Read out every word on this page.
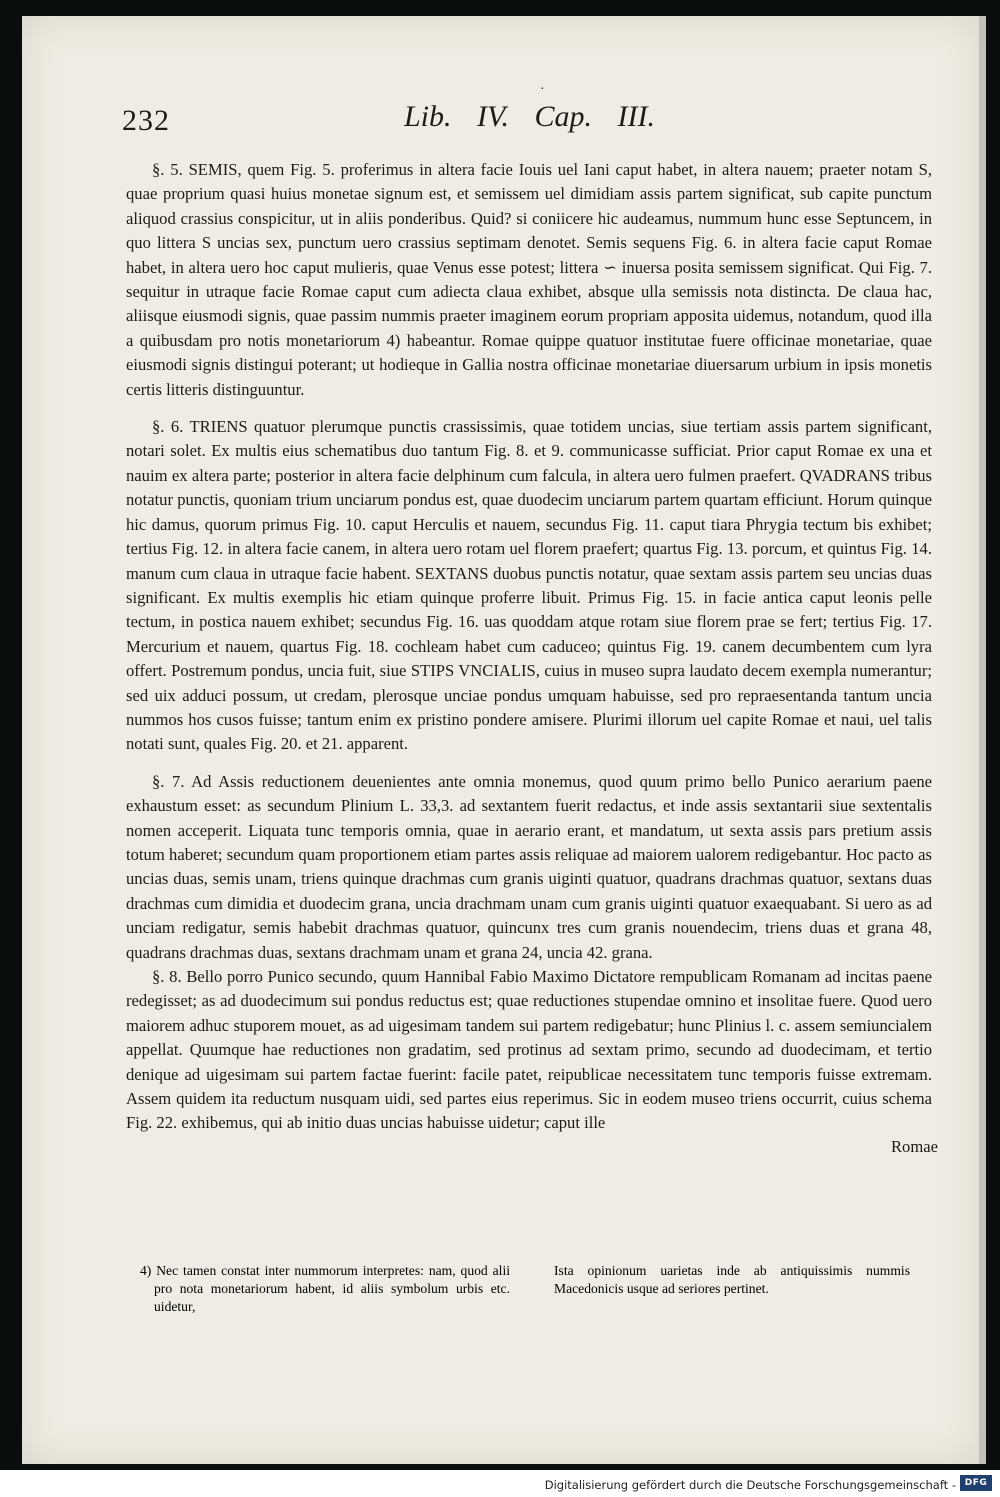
·
232	Lib. IV. Cap. III.

§. 5. SEMIS, quem Fig. 5. proferimus in altera facie Iouis uel Iani caput habet, in altera nauem; praeter notam S, quae proprium quasi huius monetae signum est, et semissem uel dimidiam assis partem significat, sub capite punctum aliquod crassius conspicitur, ut in aliis ponderibus. Quid? si coniicere hic audeamus, nummum hunc esse Septuncem, in quo littera S uncias sex, punctum uero crassius septimam denotet. Semis sequens Fig. 6. in altera facie caput Romae habet, in altera uero hoc caput mulieris, quae Venus esse potest; littera ∽ inuersa posita semissem significat. Qui Fig. 7. sequitur in utraque facie Romae caput cum adiecta claua exhibet, absque ulla semissis nota distincta. De claua hac, aliisque eiusmodi signis, quae passim nummis praeter imaginem eorum propriam apposita uidemus, notandum, quod illa a quibusdam pro notis monetariorum 4) habeantur. Romae quippe quatuor institutae fuere officinae monetariae, quae eiusmodi signis distingui poterant; ut hodieque in Gallia nostra officinae monetariae diuersarum urbium in ipsis monetis certis litteris distinguuntur.

§. 6. TRIENS quatuor plerumque punctis crassissimis, quae totidem uncias, siue tertiam assis partem significant, notari solet. Ex multis eius schematibus duo tantum Fig. 8. et 9. communicasse sufficiat. Prior caput Romae ex una et nauim ex altera parte; posterior in altera facie delphinum cum falcula, in altera uero fulmen praefert. QVADRANS tribus notatur punctis, quoniam trium unciarum pondus est, quae duodecim unciarum partem quartam efficiunt. Horum quinque hic damus, quorum primus Fig. 10. caput Herculis et nauem, secundus Fig. 11. caput tiara Phrygia tectum bis exhibet; tertius Fig. 12. in altera facie canem, in altera uero rotam uel florem praefert; quartus Fig. 13. porcum, et quintus Fig. 14. manum cum claua in utraque facie habent. SEXTANS duobus punctis notatur, quae sextam assis partem seu uncias duas significant. Ex multis exemplis hic etiam quinque proferre libuit. Primus Fig. 15. in facie antica caput leonis pelle tectum, in postica nauem exhibet; secundus Fig. 16. uas quoddam atque rotam siue florem prae se fert; tertius Fig. 17. Mercurium et nauem, quartus Fig. 18. cochleam habet cum caduceo; quintus Fig. 19. canem decumbentem cum lyra offert. Postremum pondus, uncia fuit, siue STIPS VNCIALIS, cuius in museo supra laudato decem exempla numerantur; sed uix adduci possum, ut credam, plerosque unciae pondus umquam habuisse, sed pro repraesentanda tantum uncia nummos hos cusos fuisse; tantum enim ex pristino pondere amisere. Plurimi illorum uel capite Romae et naui, uel talis notati sunt, quales Fig. 20. et 21. apparent.

§. 7. Ad Assis reductionem deuenientes ante omnia monemus, quod quum primo bello Punico aerarium paene exhaustum esset: as secundum Plinium L. 33,3. ad sextantem fuerit redactus, et inde assis sextantarii siue sextentalis nomen acceperit. Liquata tunc temporis omnia, quae in aerario erant, et mandatum, ut sexta assis pars pretium assis totum haberet; secundum quam proportionem etiam partes assis reliquae ad maiorem ualorem redigebantur. Hoc pacto as uncias duas, semis unam, triens quinque drachmas cum granis uiginti quatuor, quadrans drachmas quatuor, sextans duas drachmas cum dimidia et duodecim grana, uncia drachmam unam cum granis uiginti quatuor exaequabant. Si uero as ad unciam redigatur, semis habebit drachmas quatuor, quincunx tres cum granis nouendecim, triens duas et grana 48, quadrans drachmas duas, sextans drachmam unam et grana 24, uncia 42. grana.

§. 8. Bello porro Punico secundo, quum Hannibal Fabio Maximo Dictatore rempublicam Romanam ad incitas paene redegisset; as ad duodecimum sui pondus reductus est; quae reductiones stupendae omnino et insolitae fuere. Quod uero maiorem adhuc stuporem mouet, as ad uigesimam tandem sui partem redigebatur; hunc Plinius l. c. assem semiuncialem appellat. Quumque hae reductiones non gradatim, sed protinus ad sextam primo, secundo ad duodecimam, et tertio denique ad uigesimam sui partem factae fuerint: facile patet, reipublicae necessitatem tunc temporis fuisse extremam. Assem quidem ita reductum nusquam uidi, sed partes eius reperimus. Sic in eodem museo triens occurrit, cuius schema Fig. 22. exhibemus, qui ab initio duas uncias habuisse uidetur; caput ille

Romae
4) Nec tamen constat inter nummorum interpretes: nam, quod alii pro nota monetariorum habent, id aliis symbolum urbis etc. uidetur,
Ista opinionum uarietas inde ab antiquissimis nummis Macedonicis usque ad seriores pertinet.
Digitalisierung gefördert durch die Deutsche Forschungsgemeinschaft - DFG
